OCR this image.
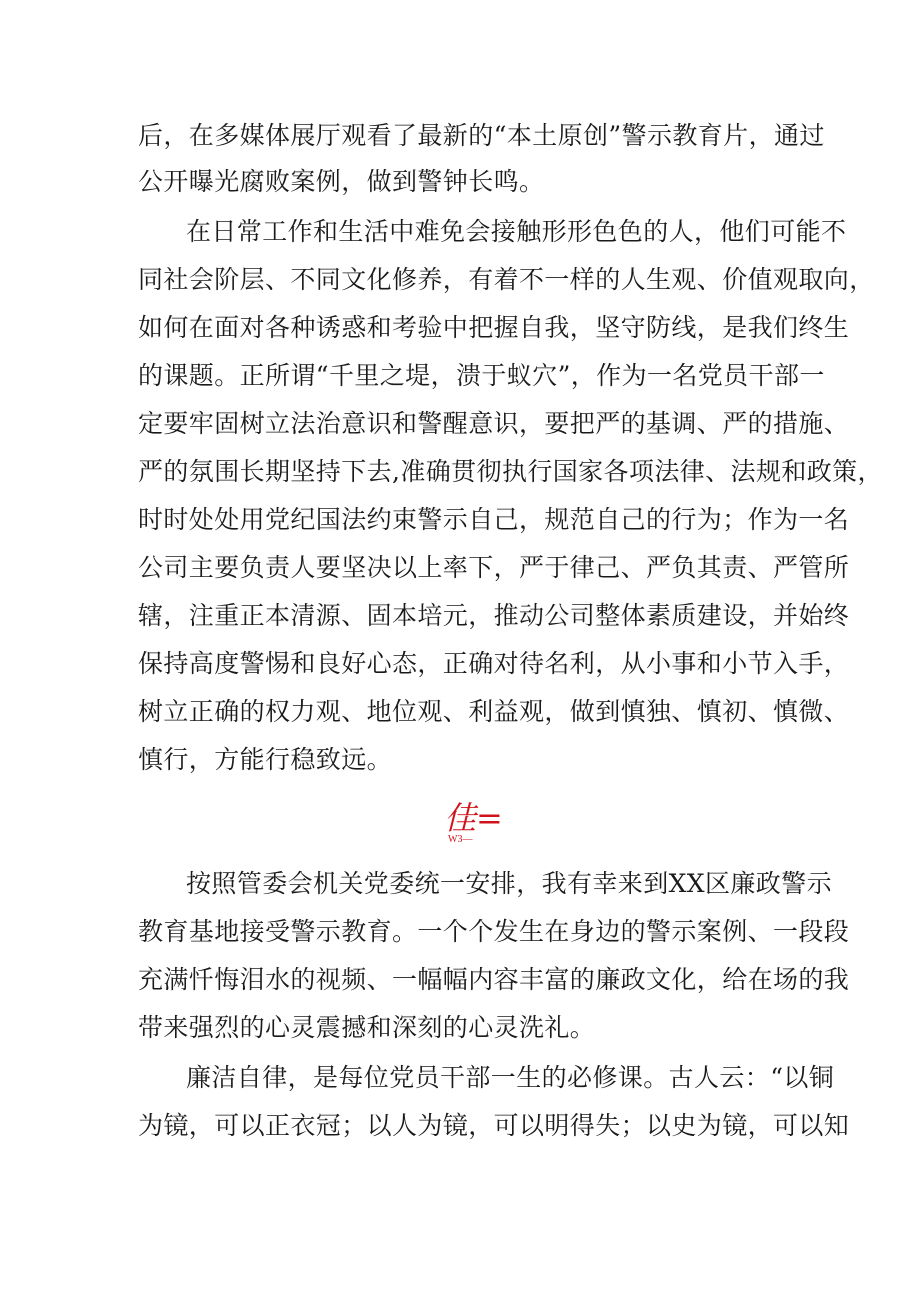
后，在多媒体展厅观看了最新的“本土原创”警示教育片，通过
公开曝光腐败案例，做到警钟长鸣。
在日常工作和生活中难免会接触形形色色的人，他们可能不
同社会阶层、不同文化修养，有着不一样的人生观、价值观取向，
如何在面对各种诱惑和考验中把握自我，坚守防线，是我们终生
的课题。正所谓“千里之堤，溃于蚁穴”，作为一名党员干部一
定要牢固树立法治意识和警醒意识，要把严的基调、严的措施、
严的氛围长期坚持下去,准确贯彻执行国家各项法律、法规和政策，
时时处处用党纪国法约束警示自己，规范自己的行为；作为一名
公司主要负责人要坚决以上率下，严于律己、严负其责、严管所
辖，注重正本清源、固本培元，推动公司整体素质建设，并始终
保持高度警惕和良好心态，正确对待名利，从小事和小节入手，
树立正确的权力观、地位观、利益观，做到慎独、慎初、慎微、
慎行，方能行稳致远。
佳=
W3—
按照管委会机关党委统一安排，我有幸来到XX区廉政警示
教育基地接受警示教育。一个个发生在身边的警示案例、一段段
充满忏悔泪水的视频、一幅幅内容丰富的廉政文化，给在场的我
带来强烈的心灵震撼和深刻的心灵洗礼。
廉洁自律，是每位党员干部一生的必修课。古人云：“以铜
为镜，可以正衣冠；以人为镜，可以明得失；以史为镜，可以知
